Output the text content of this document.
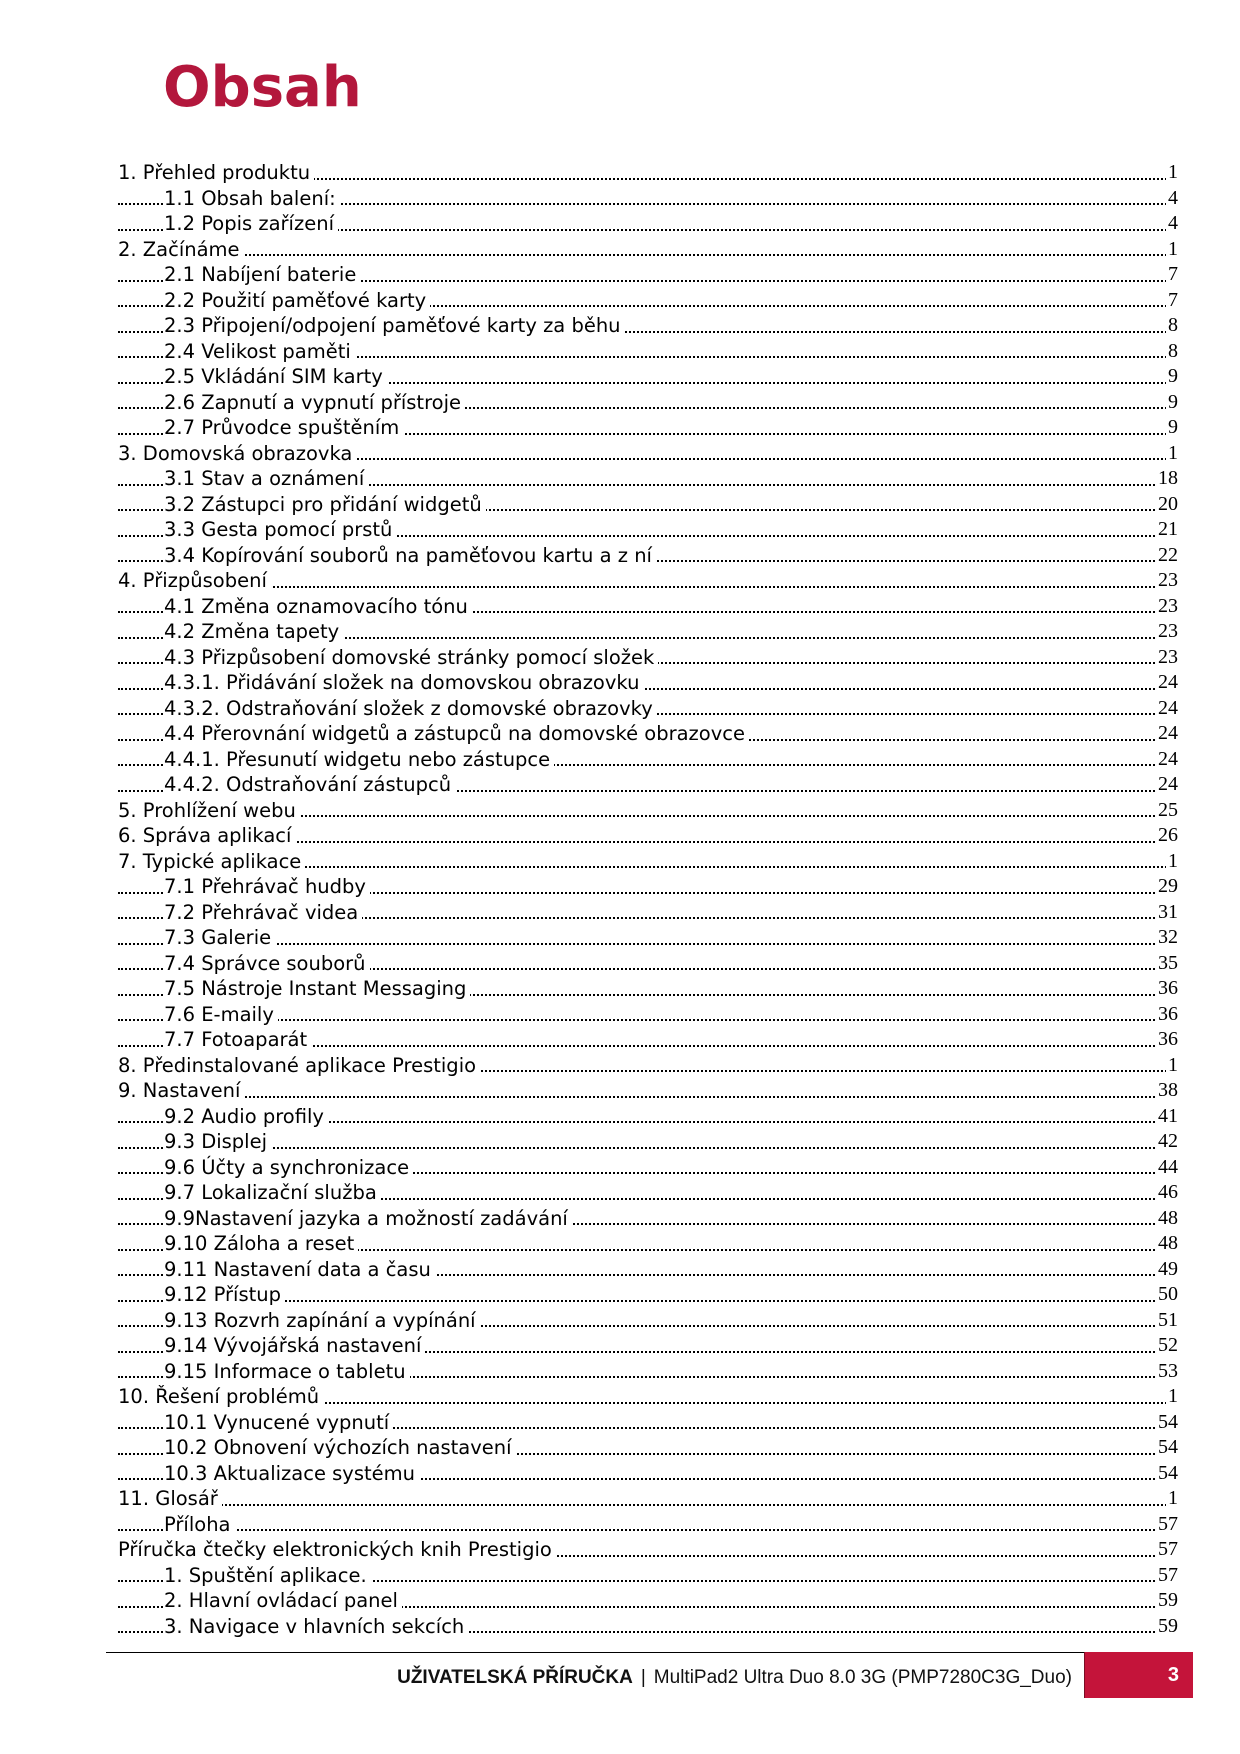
Obsah
1. Přehled produktu	1
1.1 Obsah balení:	4
1.2 Popis zařízení	4
2. Začínáme	1
2.1 Nabíjení baterie	7
2.2 Použití paměťové karty	7
2.3 Připojení/odpojení paměťové karty za běhu	8
2.4 Velikost paměti	8
2.5 Vkládání SIM karty	9
2.6 Zapnutí a vypnutí přístroje	9
2.7 Průvodce spuštěním	9
3. Domovská obrazovka	1
3.1 Stav a oznámení	18
3.2 Zástupci pro přidání widgetů	20
3.3 Gesta pomocí prstů	21
3.4 Kopírování souborů na paměťovou kartu a z ní	22
4. Přizpůsobení	23
4.1 Změna oznamovacího tónu	23
4.2 Změna tapety	23
4.3 Přizpůsobení domovské stránky pomocí složek	23
4.3.1. Přidávání složek na domovskou obrazovku	24
4.3.2. Odstraňování složek z domovské obrazovky	24
4.4 Přerovnání widgetů a zástupců na domovské obrazovce	24
4.4.1. Přesunutí widgetu nebo zástupce	24
4.4.2. Odstraňování zástupců	24
5. Prohlížení webu	25
6. Správa aplikací	26
7. Typické aplikace	1
7.1 Přehrávač hudby	29
7.2 Přehrávač videa	31
7.3 Galerie	32
7.4 Správce souborů	35
7.5 Nástroje Instant Messaging	36
7.6 E-maily	36
7.7 Fotoaparát	36
8. Předinstalované aplikace Prestigio	1
9. Nastavení	38
9.2 Audio profily	41
9.3 Displej	42
9.6 Účty a synchronizace	44
9.7 Lokalizační služba	46
9.9Nastavení jazyka a možností zadávání	48
9.10 Záloha a reset	48
9.11 Nastavení data a času	49
9.12 Přístup	50
9.13 Rozvrh zapínání a vypínání	51
9.14 Vývojářská nastavení	52
9.15 Informace o tabletu	53
10. Řešení problémů	1
10.1 Vynucené vypnutí	54
10.2 Obnovení výchozích nastavení	54
10.3 Aktualizace systému	54
11. Glosář	1
Příloha	57
Příručka čtečky elektronických knih Prestigio	57
1. Spuštění aplikace.	57
2. Hlavní ovládací panel	59
3. Navigace v hlavních sekcích	59
UŽIVATELSKÁ PŘÍRUČKA | MultiPad2 Ultra Duo 8.0 3G (PMP7280C3G_Duo)	3
